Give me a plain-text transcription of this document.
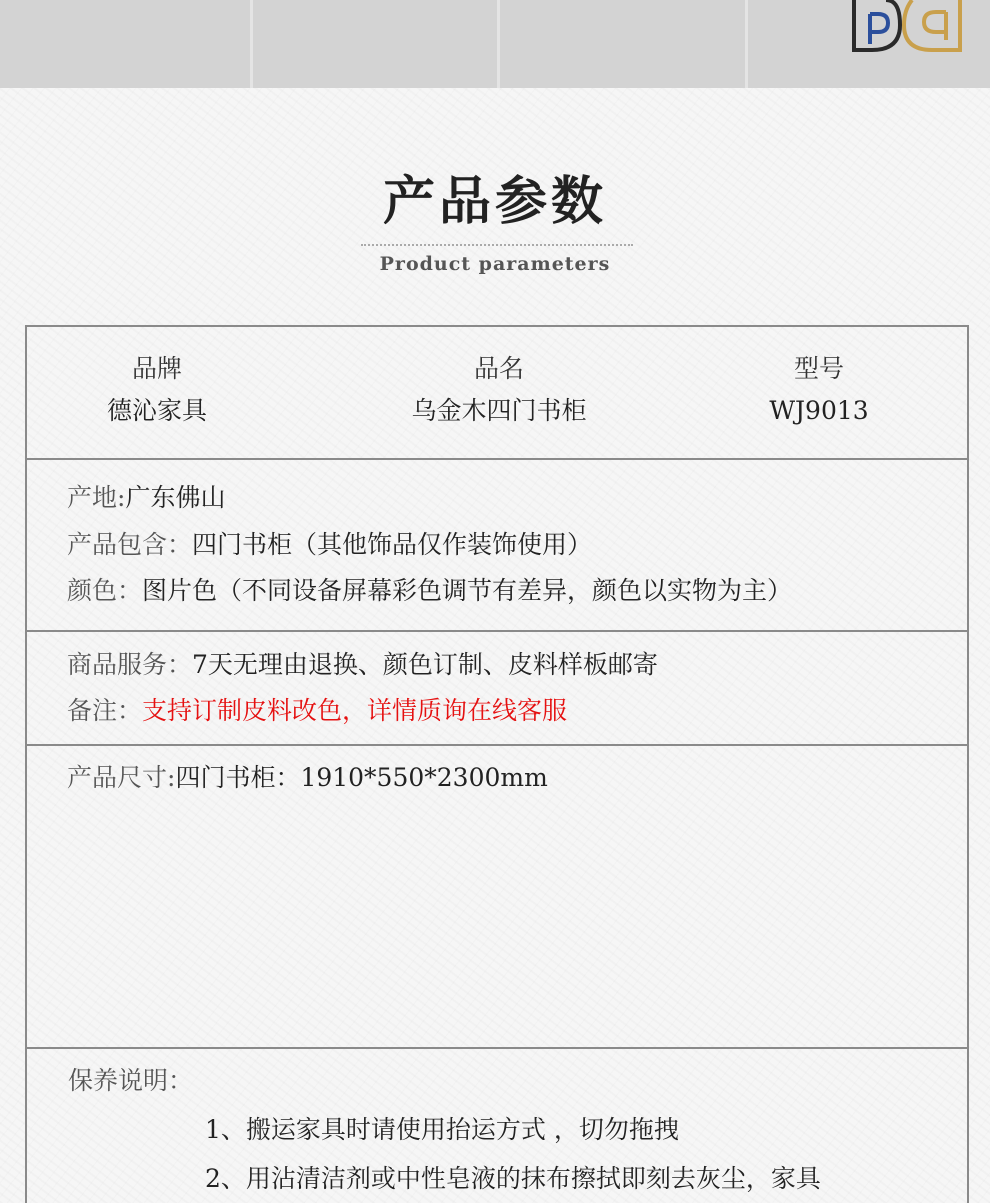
产品参数
Product parameters
品牌
德沁家具
品名
乌金木四门书柜
型号
WJ9013
产地:广东佛山
产品包含：四门书柜（其他饰品仅作装饰使用）
颜色：图片色（不同设备屏幕彩色调节有差异，颜色以实物为主）
商品服务：7天无理由退换、颜色订制、皮料样板邮寄
备注：支持订制皮料改色，详情质询在线客服
产品尺寸:四门书柜：1910*550*2300mm
保养说明：
1、搬运家具时请使用抬运方式 ，切勿拖拽
2、用沾清洁剂或中性皂液的抹布擦拭即刻去灰尘，家具
